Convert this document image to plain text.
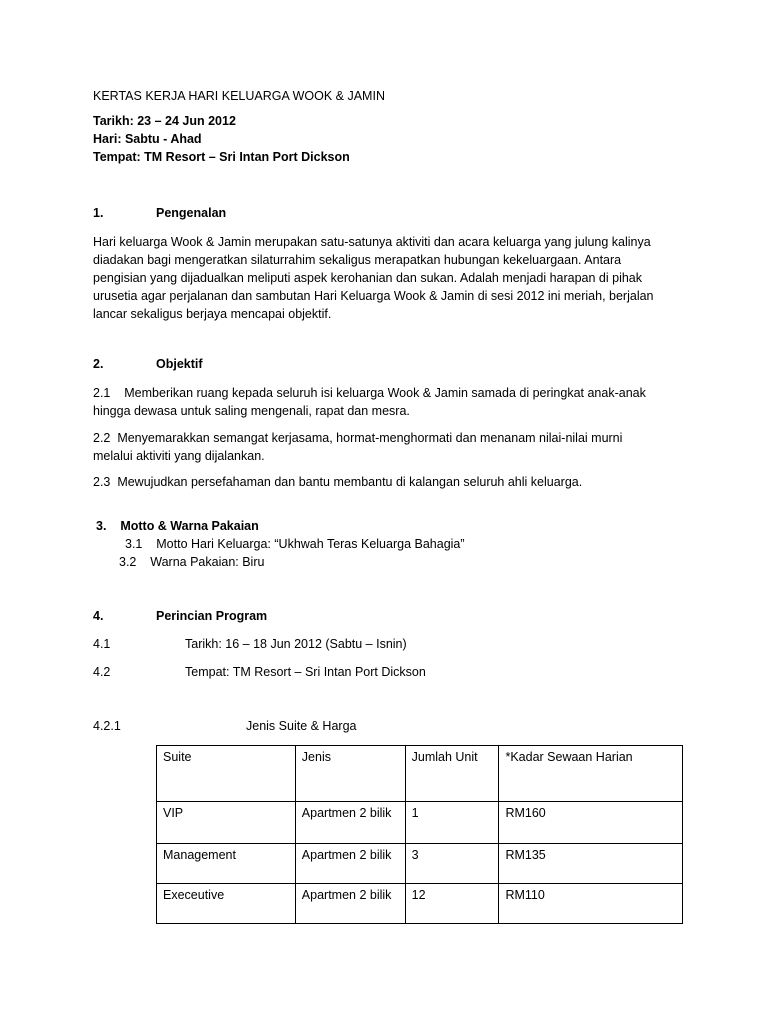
KERTAS KERJA HARI KELUARGA WOOK & JAMIN
Tarikh: 23 – 24 Jun 2012
Hari: Sabtu - Ahad
Tempat: TM Resort – Sri Intan Port Dickson
1.	Pengenalan
Hari keluarga Wook & Jamin merupakan satu-satunya aktiviti dan acara keluarga yang julung kalinya
diadakan bagi mengeratkan silaturrahim sekaligus merapatkan hubungan kekeluargaan. Antara
pengisian yang dijadualkan meliputi aspek kerohanian dan sukan. Adalah menjadi harapan di pihak
urusetia agar perjalanan dan sambutan Hari Keluarga Wook & Jamin di sesi 2012 ini meriah, berjalan
lancar sekaligus berjaya mencapai objektif.
2.	Objektif
2.1    Memberikan ruang kepada seluruh isi keluarga Wook & Jamin samada di peringkat anak-anak
hingga dewasa untuk saling mengenali, rapat dan mesra.
2.2  Menyemarakkan semangat kerjasama, hormat-menghormati dan menanam nilai-nilai murni
melalui aktiviti yang dijalankan.
2.3  Mewujudkan persefahaman dan bantu membantu di kalangan seluruh ahli keluarga.
3.    Motto & Warna Pakaian
3.1    Motto Hari Keluarga: “Ukhwah Teras Keluarga Bahagia”
3.2    Warna Pakaian: Biru
4.	Perincian Program
4.1	Tarikh: 16 – 18 Jun 2012 (Sabtu – Isnin)
4.2	Tempat: TM Resort – Sri Intan Port Dickson
4.2.1	Jenis Suite & Harga
Suite	Jenis	Jumlah Unit	*Kadar Sewaan Harian
VIP	Apartmen 2 bilik	1	RM160
Management	Apartmen 2 bilik	3	RM135
Execeutive	Apartmen 2 bilik	12	RM110
